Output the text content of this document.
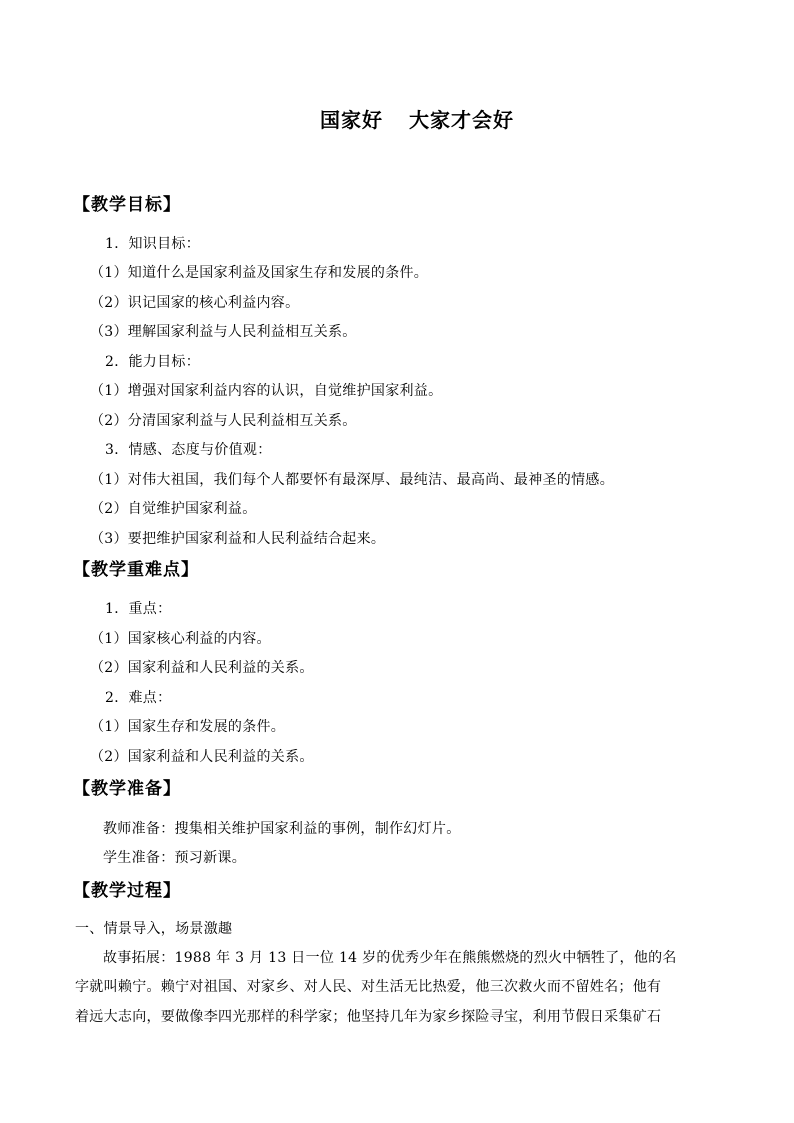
国家好 大家才会好
【教学目标】
1．知识目标：
（1）知道什么是国家利益及国家生存和发展的条件。
（2）识记国家的核心利益内容。
（3）理解国家利益与人民利益相互关系。
2．能力目标：
（1）增强对国家利益内容的认识，自觉维护国家利益。
（2）分清国家利益与人民利益相互关系。
3．情感、态度与价值观：
（1）对伟大祖国，我们每个人都要怀有最深厚、最纯洁、最高尚、最神圣的情感。
（2）自觉维护国家利益。
（3）要把维护国家利益和人民利益结合起来。
【教学重难点】
1．重点：
（1）国家核心利益的内容。
（2）国家利益和人民利益的关系。
2．难点：
（1）国家生存和发展的条件。
（2）国家利益和人民利益的关系。
【教学准备】
教师准备：搜集相关维护国家利益的事例，制作幻灯片。
学生准备：预习新课。
【教学过程】
一、情景导入，场景激趣
故事拓展：1988 年 3 月 13 日一位 14 岁的优秀少年在熊熊燃烧的烈火中牺牲了，他的名
字就叫赖宁。赖宁对祖国、对家乡、对人民、对生活无比热爱，他三次救火而不留姓名；他有
着远大志向，要做像李四光那样的科学家；他坚持几年为家乡探险寻宝，利用节假日采集矿石
